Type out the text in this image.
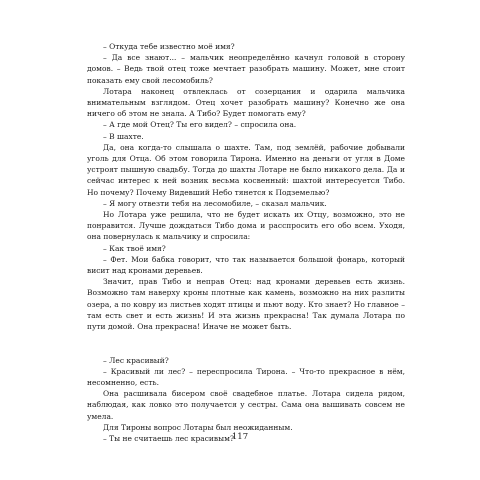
– Откуда тебе известно моё имя?

– Да все знают... – мальчик неопределённо качнул головой в сторону домов. – Ведь твой отец тоже мечтает разобрать машину. Может, мне стоит показать ему свой лесомобиль?

Лотара наконец отвлеклась от созерцания и одарила мальчика внимательным взглядом. Отец хочет разобрать машину? Конечно же она ничего об этом не знала. А Тибо? Будет помогать ему?

– А где мой Отец? Ты его видел? – спросила она.

– В шахте.

Да, она когда-то слышала о шахте. Там, под землёй, рабочие добывали уголь для Отца. Об этом говорила Тирона. Именно на деньги от угля в Доме устроят пышную свадьбу. Тогда до шахты Лотаре не было никакого дела. Да и сейчас интерес к ней возник весьма косвенный: шахтой интересуется Тибо. Но почему? Почему Видевший Небо тянется к Подземелью?

– Я могу отвезти тебя на лесомобиле, – сказал мальчик.

Но Лотара уже решила, что не будет искать их Отцу, возможно, это не понравится. Лучше дождаться Тибо дома и расспросить его обо всем. Уходя, она повернулась к мальчику и спросила:

– Как твоё имя?

– Фет. Мои бабка говорит, что так называется большой фонарь, который висит над кронами деревьев.

Значит, прав Тибо и неправ Отец: над кронами деревьев есть жизнь. Возможно там наверху кроны плотные как камень, возможно на них разлиты озера, а по ковру из листьев ходят птицы и пьют воду. Кто знает? Но главное – там есть свет и есть жизнь! И эта жизнь прекрасна! Так думала Лотара по пути домой. Она прекрасна! Иначе не может быть.

– Лес красивый?

– Красивый ли лес? – переспросила Тирона. – Что-то прекрасное в нём, несомненно, есть.

Она расшивала бисером своё свадебное платье. Лотара сидела рядом, наблюдая, как ловко это получается у сестры. Сама она вышивать совсем не умела.

Для Тироны вопрос Лотары был неожиданным.

– Ты не считаешь лес красивым?

117
